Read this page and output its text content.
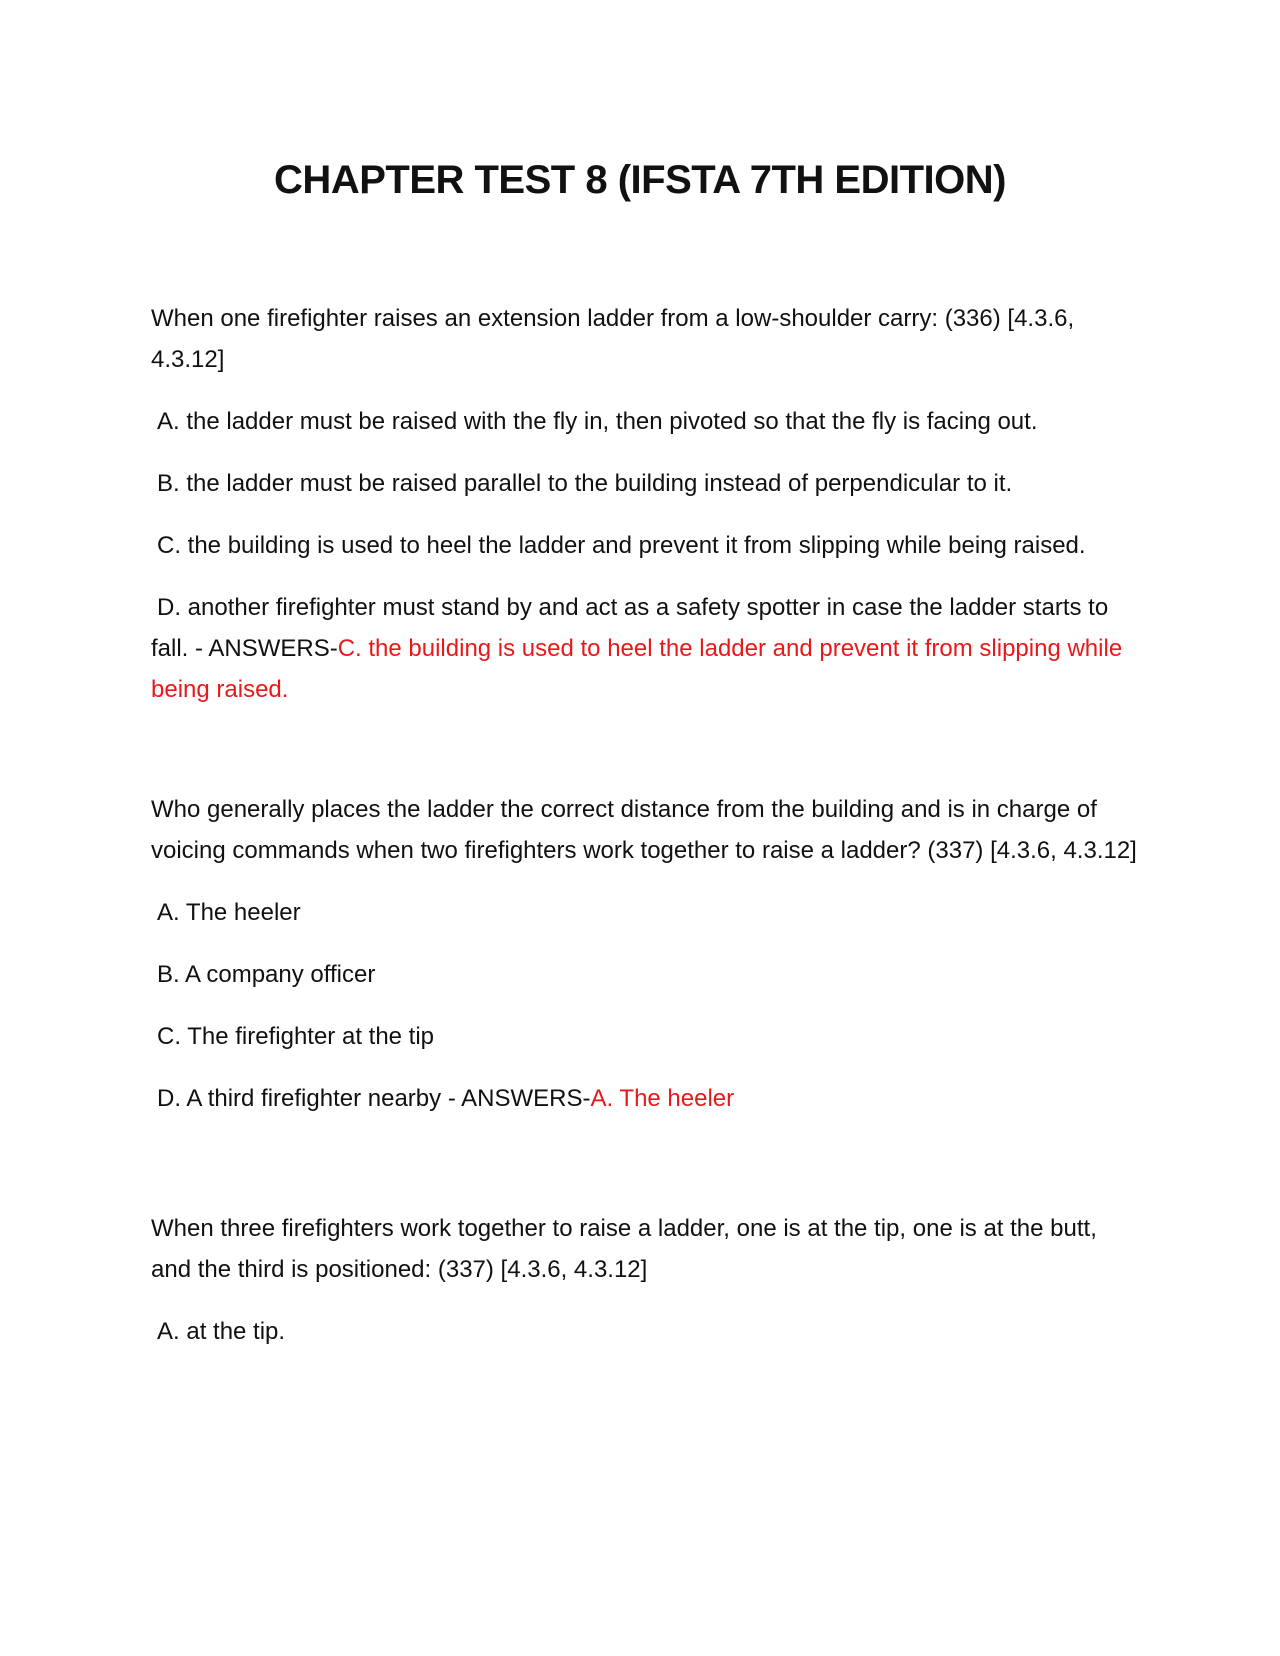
CHAPTER TEST 8 (IFSTA 7TH EDITION)

When one firefighter raises an extension ladder from a low-shoulder carry: (336) [4.3.6, 4.3.12]

A. the ladder must be raised with the fly in, then pivoted so that the fly is facing out.

B. the ladder must be raised parallel to the building instead of perpendicular to it.

C. the building is used to heel the ladder and prevent it from slipping while being raised.

D. another firefighter must stand by and act as a safety spotter in case the ladder starts to fall. - ANSWERS-C. the building is used to heel the ladder and prevent it from slipping while being raised.

Who generally places the ladder the correct distance from the building and is in charge of voicing commands when two firefighters work together to raise a ladder? (337) [4.3.6, 4.3.12]

A. The heeler

B. A company officer

C. The firefighter at the tip

D. A third firefighter nearby - ANSWERS-A. The heeler

When three firefighters work together to raise a ladder, one is at the tip, one is at the butt, and the third is positioned: (337) [4.3.6, 4.3.12]

A. at the tip.
